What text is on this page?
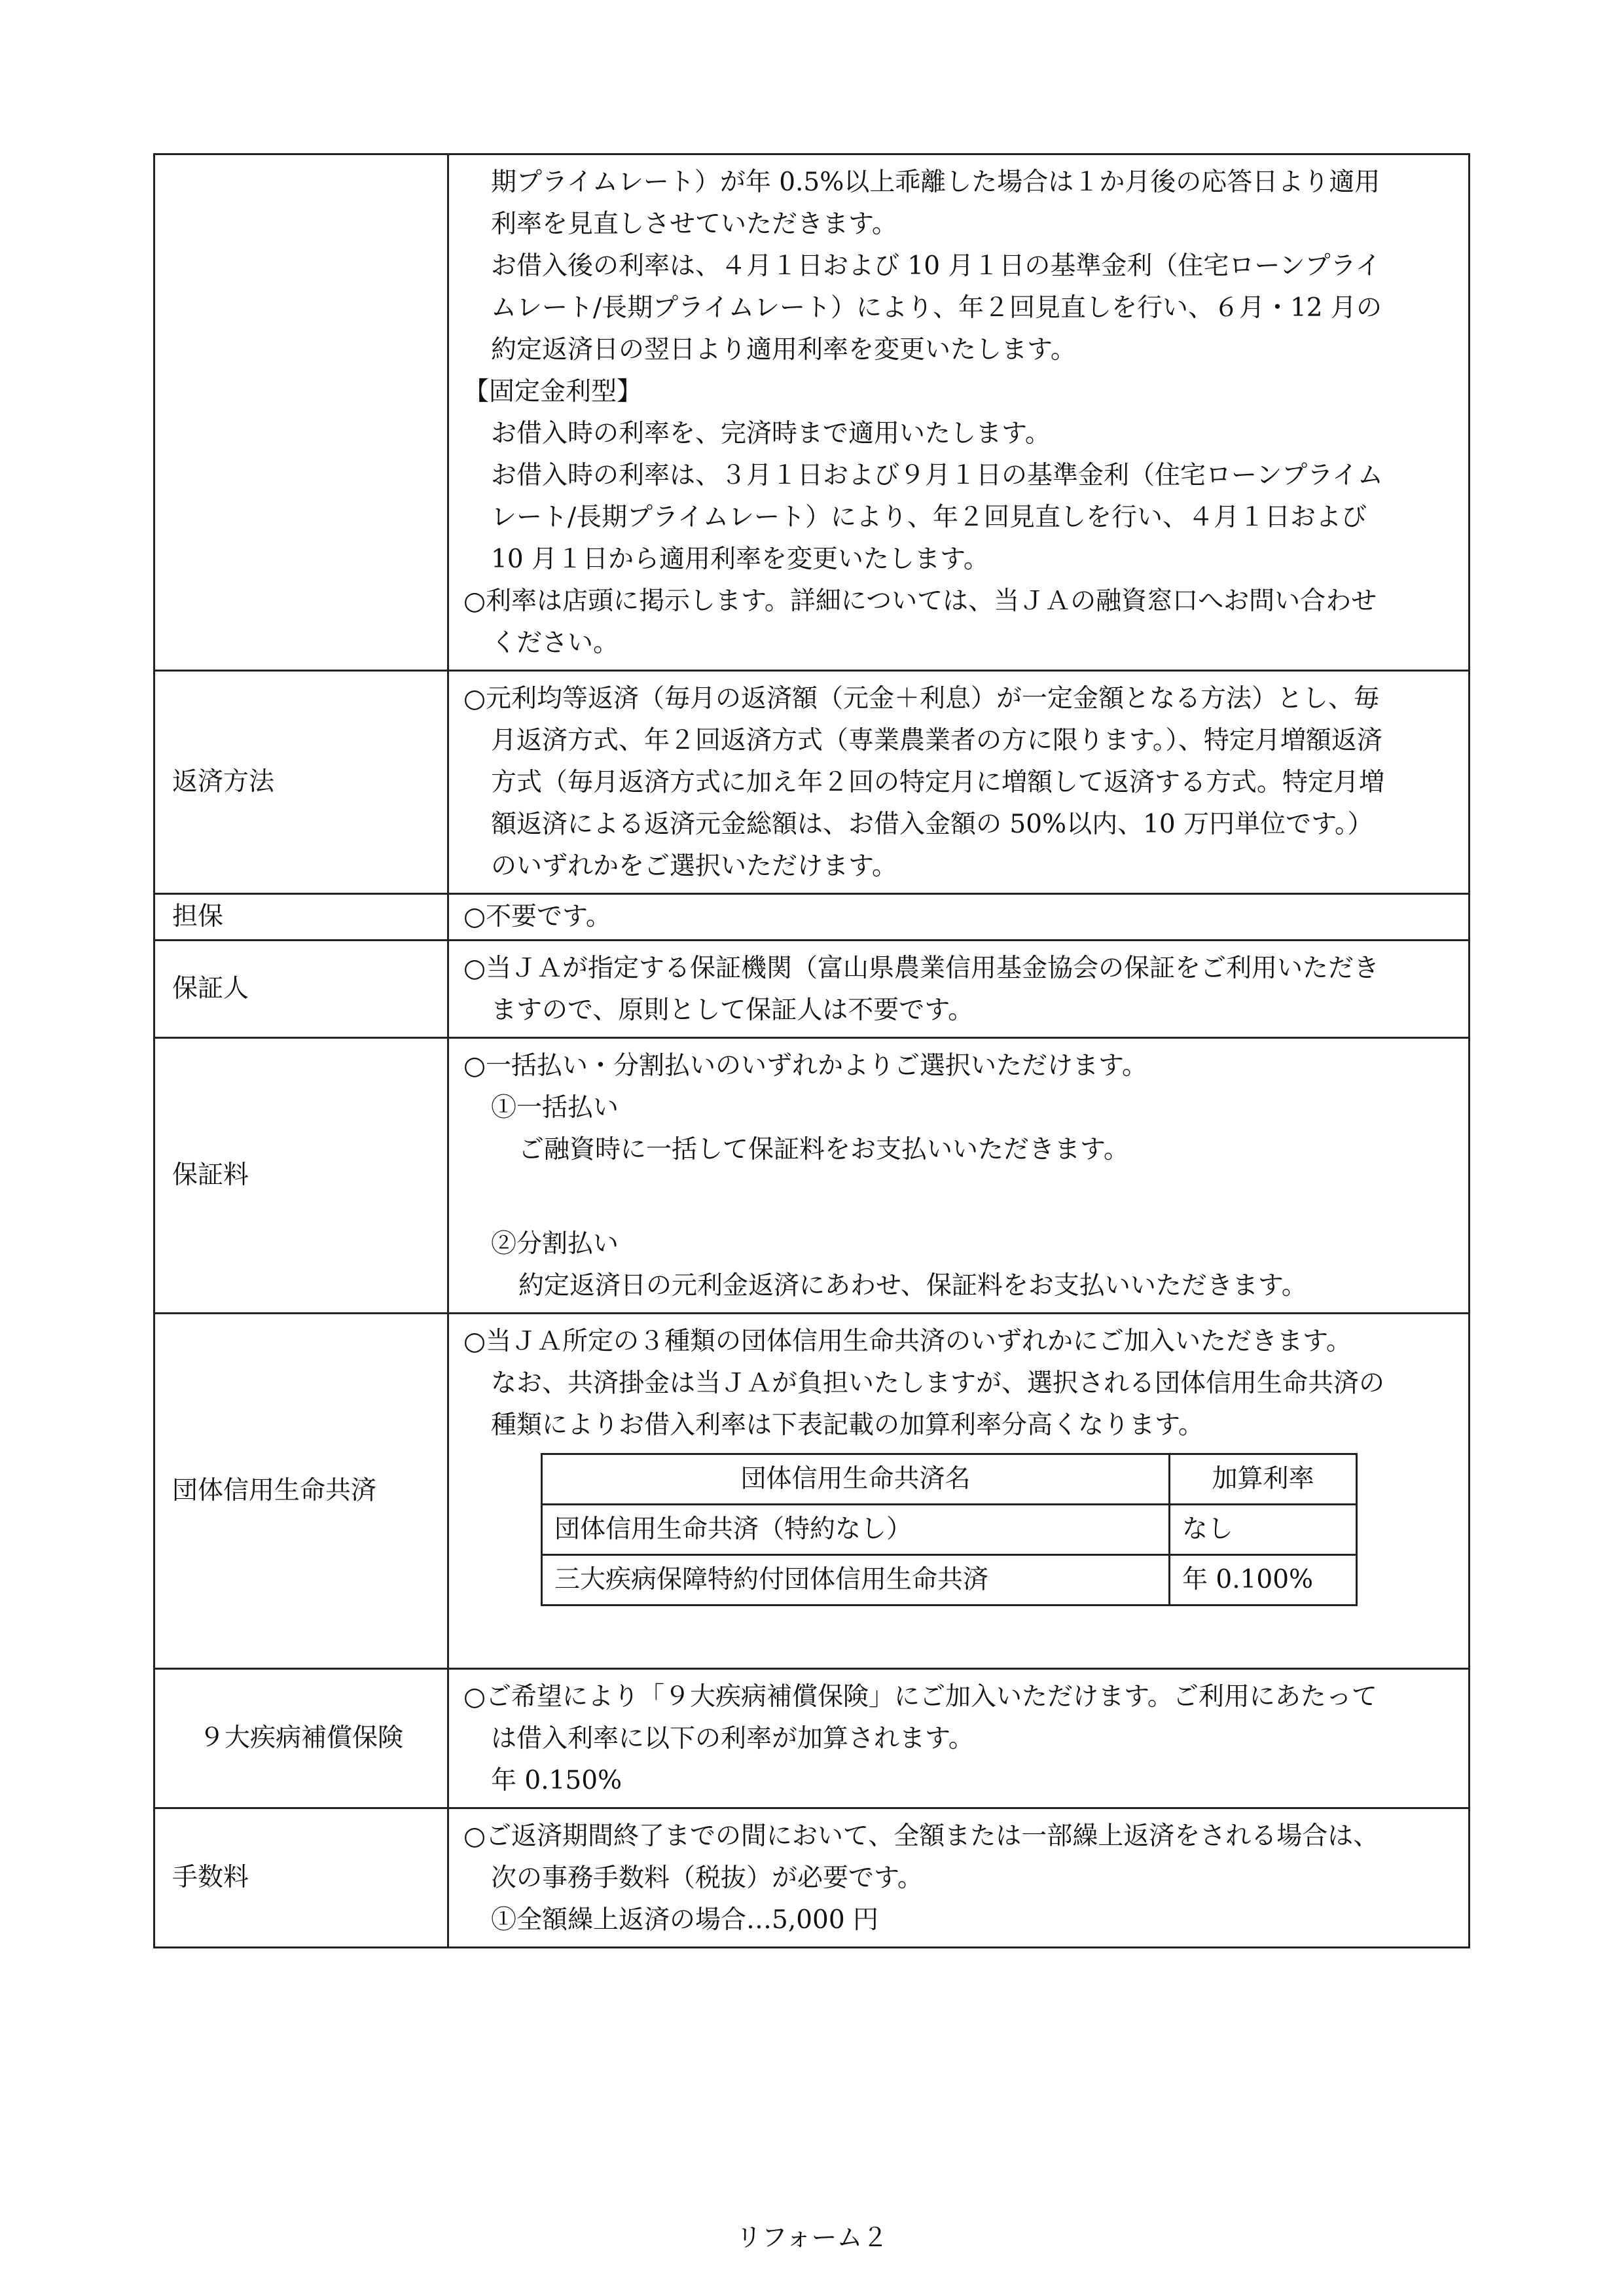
期プライムレート）が年 0.5%以上乖離した場合は１か月後の応答日より適用
利率を見直しさせていただきます。
お借入後の利率は、４月１日および 10 月１日の基準金利（住宅ローンプライ
ムレート/長期プライムレート）により、年２回見直しを行い、６月・12 月の
約定返済日の翌日より適用利率を変更いたします。
【固定金利型】
お借入時の利率を、完済時まで適用いたします。
お借入時の利率は、３月１日および９月１日の基準金利（住宅ローンプライム
レート/長期プライムレート）により、年２回見直しを行い、４月１日および
10 月１日から適用利率を変更いたします。
○利率は店頭に掲示します。詳細については、当ＪＡの融資窓口へお問い合わせ
ください。

返済方法	
○元利均等返済（毎月の返済額（元金＋利息）が一定金額となる方法）とし、毎
月返済方式、年２回返済方式（専業農業者の方に限ります。）、特定月増額返済
方式（毎月返済方式に加え年２回の特定月に増額して返済する方式。特定月増
額返済による返済元金総額は、お借入金額の 50%以内、10 万円単位です。）
のいずれかをご選択いただけます。

担保	○不要です。

保証人	
○当ＪＡが指定する保証機関（富山県農業信用基金協会の保証をご利用いただき
ますので、原則として保証人は不要です。

保証料	
○一括払い・分割払いのいずれかよりご選択いただけます。
①一括払い
ご融資時に一括して保証料をお支払いいただきます。
②分割払い
約定返済日の元利金返済にあわせ、保証料をお支払いいただきます。

団体信用生命共済	
○当ＪＡ所定の３種類の団体信用生命共済のいずれかにご加入いただきます。
なお、共済掛金は当ＪＡが負担いたしますが、選択される団体信用生命共済の
種類によりお借入利率は下表記載の加算利率分高くなります。
団体信用生命共済名	加算利率
団体信用生命共済（特約なし）	なし
三大疾病保障特約付団体信用生命共済	年 0.100%

９大疾病補償保険	
○ご希望により「９大疾病補償保険」にご加入いただけます。ご利用にあたって
は借入利率に以下の利率が加算されます。
年 0.150%

手数料	
○ご返済期間終了までの間において、全額または一部繰上返済をされる場合は、
次の事務手数料（税抜）が必要です。
①全額繰上返済の場合…5,000 円
リフォーム２
